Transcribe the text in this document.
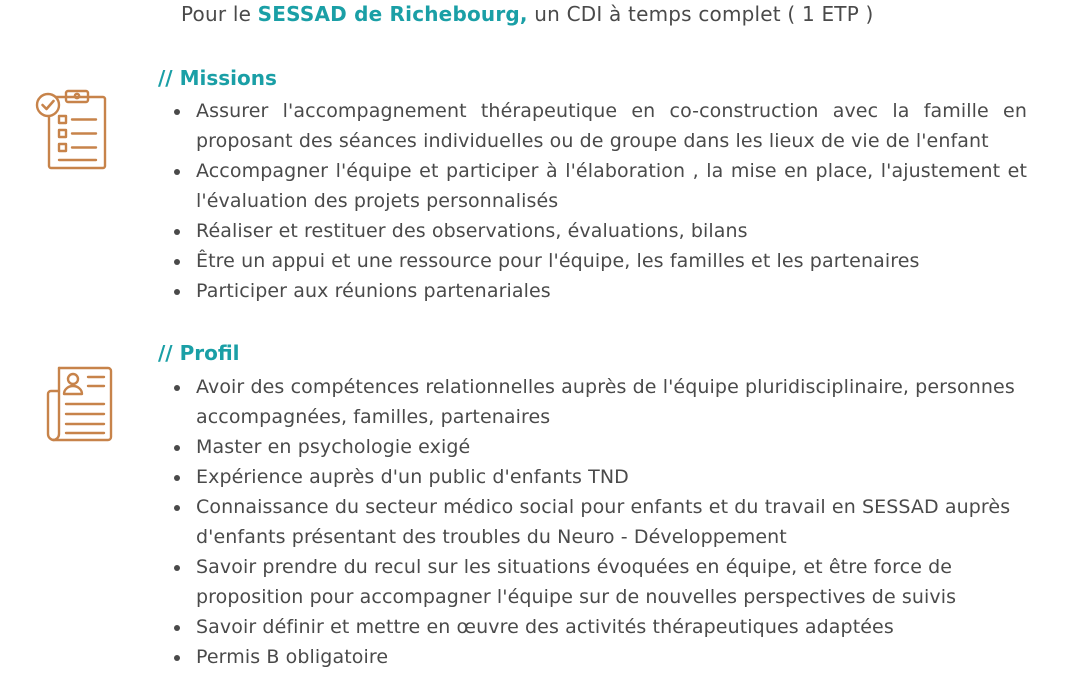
Pour le SESSAD de Richebourg, un CDI à temps complet ( 1 ETP )
// Missions
Assurer l'accompagnement thérapeutique en co-construction avec la famille en proposant des séances individuelles ou de groupe dans les lieux de vie de l'enfant
Accompagner l'équipe et participer à l'élaboration , la mise en place, l'ajustement et l'évaluation des projets personnalisés
Réaliser et restituer des observations, évaluations, bilans
Être un appui et une ressource pour l'équipe, les familles et les partenaires
Participer aux réunions partenariales
// Profil
Avoir des compétences relationnelles auprès de l'équipe pluridisciplinaire, personnes accompagnées, familles, partenaires
Master en psychologie exigé
Expérience auprès d'un public d'enfants TND
Connaissance du secteur médico social pour enfants et du travail en SESSAD auprès d'enfants présentant des troubles du Neuro - Développement
Savoir prendre du recul sur les situations évoquées en équipe, et être force de proposition pour accompagner l'équipe sur de nouvelles perspectives de suivis
Savoir définir et mettre en œuvre des activités thérapeutiques adaptées
Permis B obligatoire
